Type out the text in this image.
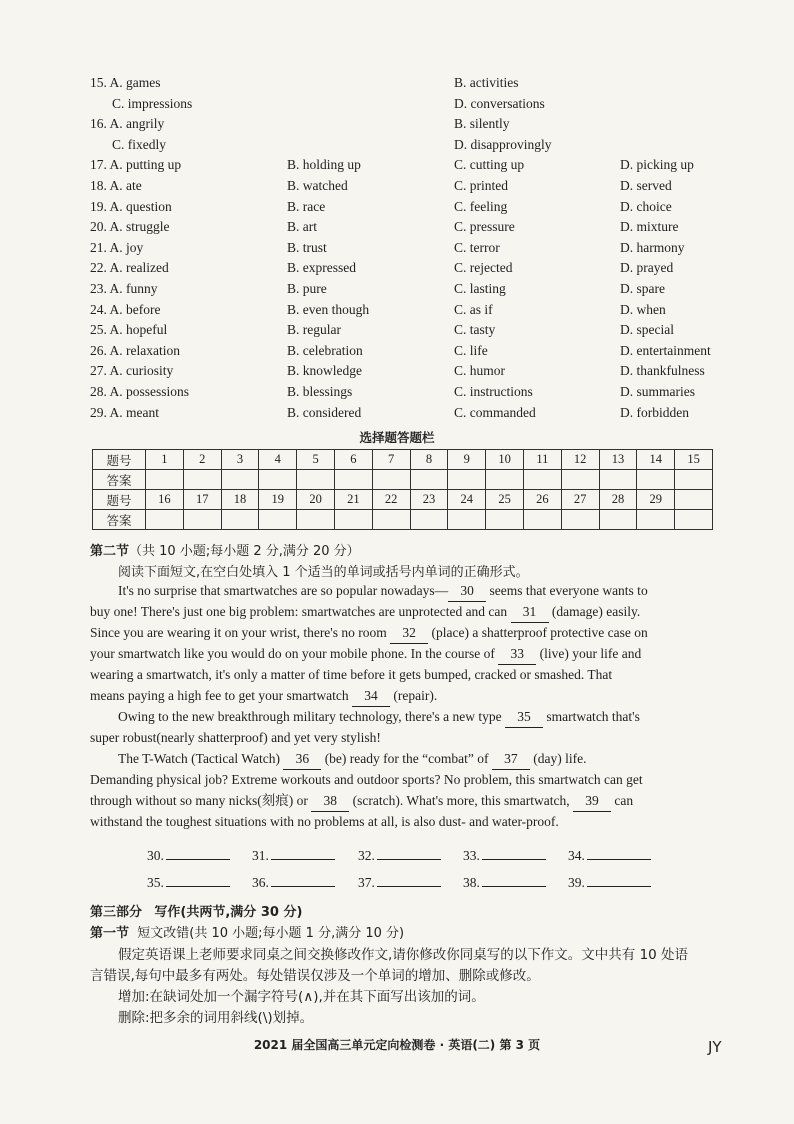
15. A. games	B. activities
C. impressions	D. conversations
16. A. angrily	B. silently
C. fixedly	D. disapprovingly
17. A. putting up	B. holding up	C. cutting up	D. picking up
18. A. ate	B. watched	C. printed	D. served
19. A. question	B. race	C. feeling	D. choice
20. A. struggle	B. art	C. pressure	D. mixture
21. A. joy	B. trust	C. terror	D. harmony
22. A. realized	B. expressed	C. rejected	D. prayed
23. A. funny	B. pure	C. lasting	D. spare
24. A. before	B. even though	C. as if	D. when
25. A. hopeful	B. regular	C. tasty	D. special
26. A. relaxation	B. celebration	C. life	D. entertainment
27. A. curiosity	B. knowledge	C. humor	D. thankfulness
28. A. possessions	B. blessings	C. instructions	D. summaries
29. A. meant	B. considered	C. commanded	D. forbidden
选择题答题栏
题号	1	2	3	4	5	6	7	8	9	10	11	12	13	14	15
答案															
题号	16	17	18	19	20	21	22	23	24	25	26	27	28	29	
答案															
第二节（共 10 小题;每小题 2 分,满分 20 分）
阅读下面短文,在空白处填入 1 个适当的单词或括号内单词的正确形式。
It's no surprise that smartwatches are so popular nowadays— 30 seems that everyone wants to
buy one! There's just one big problem: smartwatches are unprotected and can 31 (damage) easily.
Since you are wearing it on your wrist, there's no room 32 (place) a shatterproof protective case on
your smartwatch like you would do on your mobile phone. In the course of 33 (live) your life and
wearing a smartwatch, it's only a matter of time before it gets bumped, cracked or smashed. That
means paying a high fee to get your smartwatch 34 (repair).
Owing to the new breakthrough military technology, there's a new type 35 smartwatch that's
super robust(nearly shatterproof) and yet very stylish!
The T-Watch (Tactical Watch) 36 (be) ready for the “combat” of 37 (day) life.
Demanding physical job? Extreme workouts and outdoor sports? No problem, this smartwatch can get
through without so many nicks(刻痕) or 38 (scratch). What's more, this smartwatch, 39 can
withstand the toughest situations with no problems at all, is also dust- and water-proof.
30.	31.	32.	33.	34.
35.	36.	37.	38.	39.
第三部分 写作(共两节,满分 30 分)
第一节 短文改错(共 10 小题;每小题 1 分,满分 10 分)
假定英语课上老师要求同桌之间交换修改作文,请你修改你同桌写的以下作文。文中共有 10 处语
言错误,每句中最多有两处。每处错误仅涉及一个单词的增加、删除或修改。
增加:在缺词处加一个漏字符号(∧),并在其下面写出该加的词。
删除:把多余的词用斜线(\)划掉。
2021 届全国高三单元定向检测卷 · 英语(二) 第 3 页	JY
